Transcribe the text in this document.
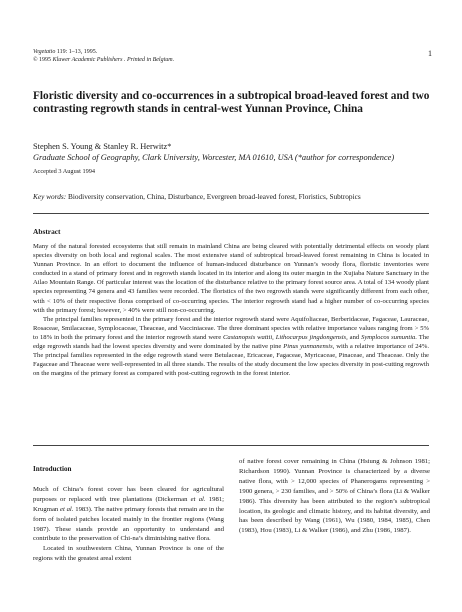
Vegetatio 119: 1–13, 1995.
© 1995 Kluwer Academic Publishers . Printed in Belgium.
1
Floristic diversity and co-occurrences in a subtropical broad-leaved forest and two contrasting regrowth stands in central-west Yunnan Province, China
Stephen S. Young & Stanley R. Herwitz*
Graduate School of Geography, Clark University, Worcester, MA 01610, USA (*author for correspondence)
Accepted 3 August 1994
Key words: Biodiversity conservation, China, Disturbance, Evergreen broad-leaved forest, Floristics, Subtropics
Abstract

Many of the natural forested ecosystems that still remain in mainland China are being cleared with potentially detrimental effects on woody plant species diversity on both local and regional scales. The most extensive stand of subtropical broad-leaved forest remaining in China is located in Yunnan Province. In an effort to document the influence of human-induced disturbance on Yunnan’s woody flora, floristic inventories were conducted in a stand of primary forest and in regrowth stands located in its interior and along its outer margin in the Xujiaba Nature Sanctuary in the Ailao Mountain Range. Of particular interest was the location of the disturbance relative to the primary forest source area. A total of 134 woody plant species representing 74 genera and 43 families were recorded. The floristics of the two regrowth stands were significantly different from each other, with < 10% of their respective floras comprised of co-occurring species. The interior regrowth stand had a higher number of co-occurring species with the primary forest; however, > 40% were still non-co-occurring.

The principal families represented in the primary forest and the interior regrowth stand were Aquifoliaceae, Berberidaceae, Fagaceae, Lauraceae, Rosaceae, Smilacaceae, Symplocaceae, Theaceae, and Vacciniaceae. The three dominant species with relative importance values ranging from > 5% to 18% in both the primary forest and the interior regrowth stand were Castanopsis wattii, Lithocarpus jingdongensis, and Symplocos sumuntia. The edge regrowth stands had the lowest species diversity and were dominated by the native pine Pinus yunnanensis, with a relative importance of 24%. The principal families represented in the edge regrowth stand were Betulaceae, Ericaceae, Fagaceae, Myricaceae, Pinaceae, and Theaceae. Only the Fagaceae and Theaceae were well-represented in all three stands. The results of the study document the low species diversity in post-cutting regrowth on the margins of the primary forest as compared with post-cutting regrowth in the forest interior.

Introduction

Much of China’s forest cover has been cleared for agricultural purposes or replaced with tree plantations (Dickerman et al. 1981; Krugman et al. 1983). The native primary forests that remain are in the form of isolated patches located mainly in the frontier regions (Wang 1987). These stands provide an opportunity to understand and contribute to the preservation of Chi-na’s diminishing native flora.

Located in southwestern China, Yunnan Province is one of the regions with the greatest areal extent

of native forest cover remaining in China (Hsiung & Johnson 1981; Richardson 1990). Yunnan Province is characterized by a diverse native flora, with > 12,000 species of Phanerogams representing > 1900 genera, > 230 families, and > 50% of China’s flora (Li & Walker 1986). This diversity has been attributed to the region’s subtropical location, its geologic and climatic history, and its habitat diversity, and has been described by Wang (1961), Wu (1980, 1984, 1985), Chen (1983), Hou (1983), Li & Walker (1986), and Zhu (1986, 1987).
